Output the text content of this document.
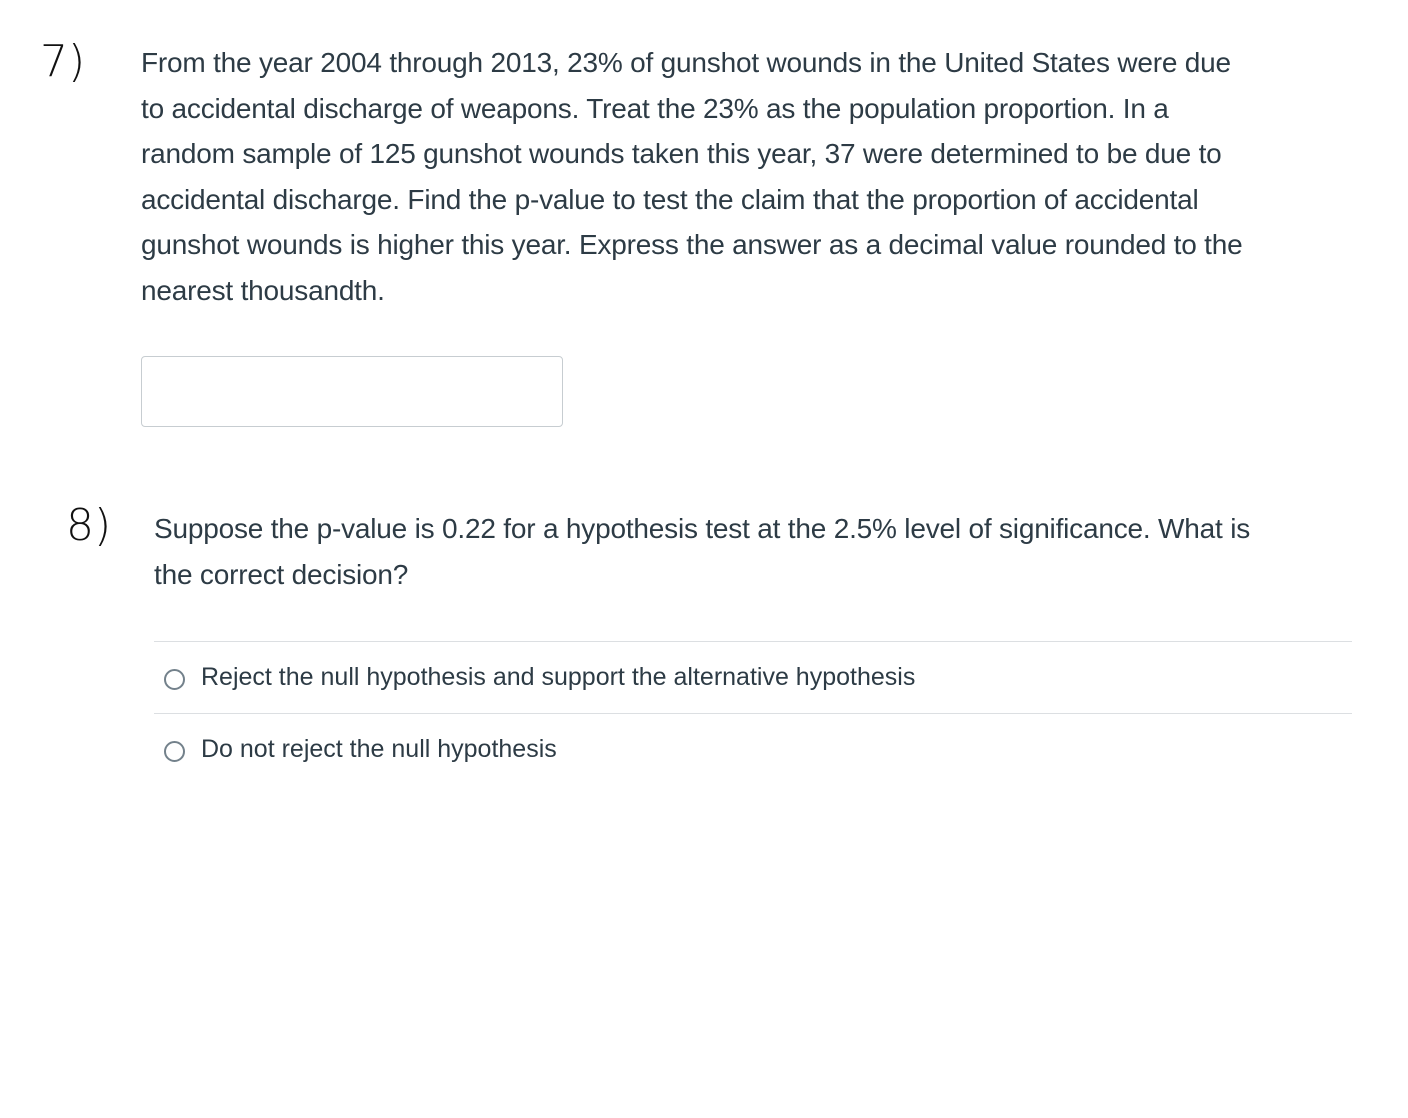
7) From the year 2004 through 2013, 23% of gunshot wounds in the United States were due
to accidental discharge of weapons. Treat the 23% as the population proportion. In a
random sample of 125 gunshot wounds taken this year, 37 were determined to be due to
accidental discharge. Find the p-value to test the claim that the proportion of accidental
gunshot wounds is higher this year. Express the answer as a decimal value rounded to the
nearest thousandth.
8) Suppose the p-value is 0.22 for a hypothesis test at the 2.5% level of significance. What is
the correct decision?
Reject the null hypothesis and support the alternative hypothesis
Do not reject the null hypothesis
